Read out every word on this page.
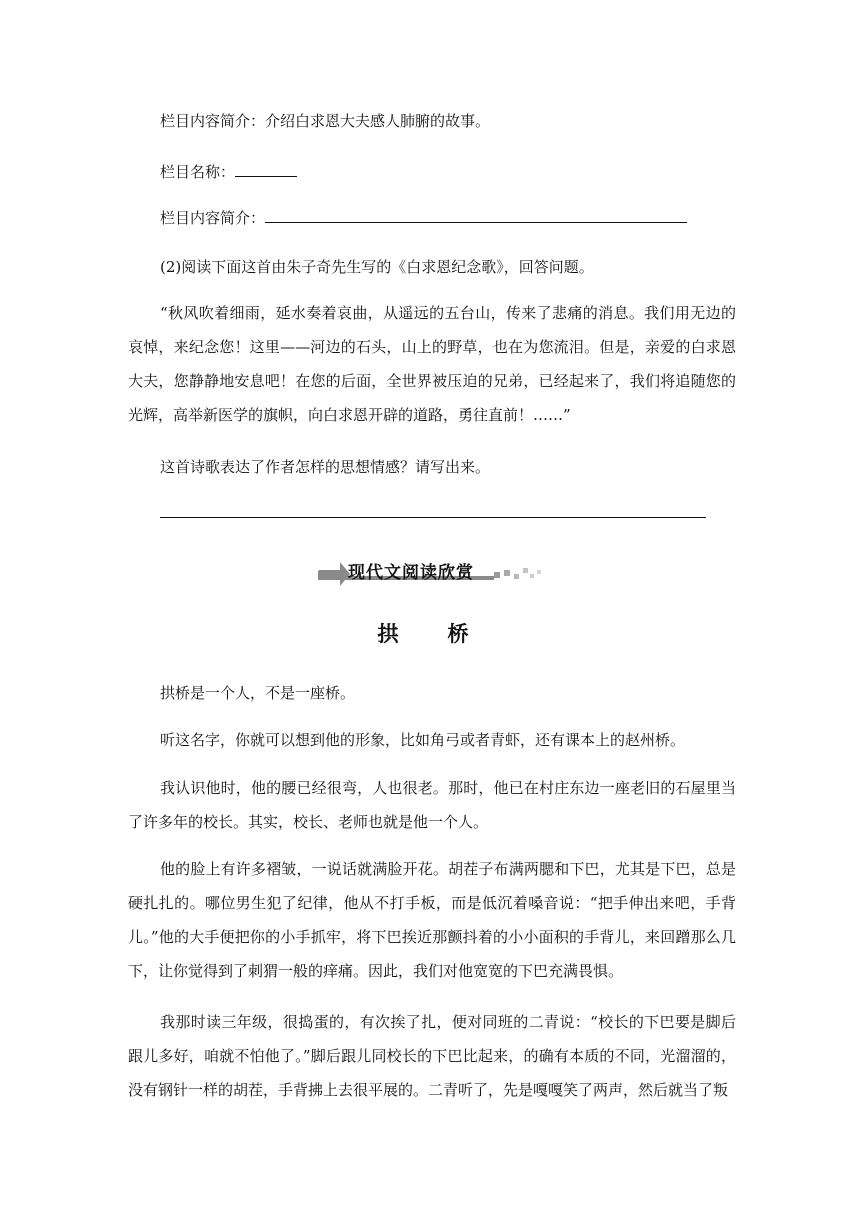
栏目内容简介：介绍白求恩大夫感人肺腑的故事。
栏目名称：
栏目内容简介：
(2)阅读下面这首由朱子奇先生写的《白求恩纪念歌》，回答问题。
“秋风吹着细雨，延水奏着哀曲，从遥远的五台山，传来了悲痛的消息。我们用无边的哀悼，来纪念您！这里——河边的石头，山上的野草，也在为您流泪。但是，亲爱的白求恩大夫，您静静地安息吧！在您的后面，全世界被压迫的兄弟，已经起来了，我们将追随您的光辉，高举新医学的旗帜，向白求恩开辟的道路，勇往直前！……”
这首诗歌表达了作者怎样的思想情感？请写出来。
现代文阅读欣赏
拱　桥
拱桥是一个人，不是一座桥。
听这名字，你就可以想到他的形象，比如角弓或者青虾，还有课本上的赵州桥。
我认识他时，他的腰已经很弯，人也很老。那时，他已在村庄东边一座老旧的石屋里当了许多年的校长。其实，校长、老师也就是他一个人。
他的脸上有许多褶皱，一说话就满脸开花。胡茬子布满两腮和下巴，尤其是下巴，总是硬扎扎的。哪位男生犯了纪律，他从不打手板，而是低沉着嗓音说：“把手伸出来吧，手背儿。”他的大手便把你的小手抓牢，将下巴挨近那颤抖着的小小面积的手背儿，来回蹭那么几下，让你觉得到了刺猬一般的痒痛。因此，我们对他宽宽的下巴充满畏惧。
我那时读三年级，很捣蛋的，有次挨了扎，便对同班的二青说：“校长的下巴要是脚后跟儿多好，咱就不怕他了。”脚后跟儿同校长的下巴比起来，的确有本质的不同，光溜溜的，没有钢针一样的胡茬，手背拂上去很平展的。二青听了，先是嘎嘎笑了两声，然后就当了叛
